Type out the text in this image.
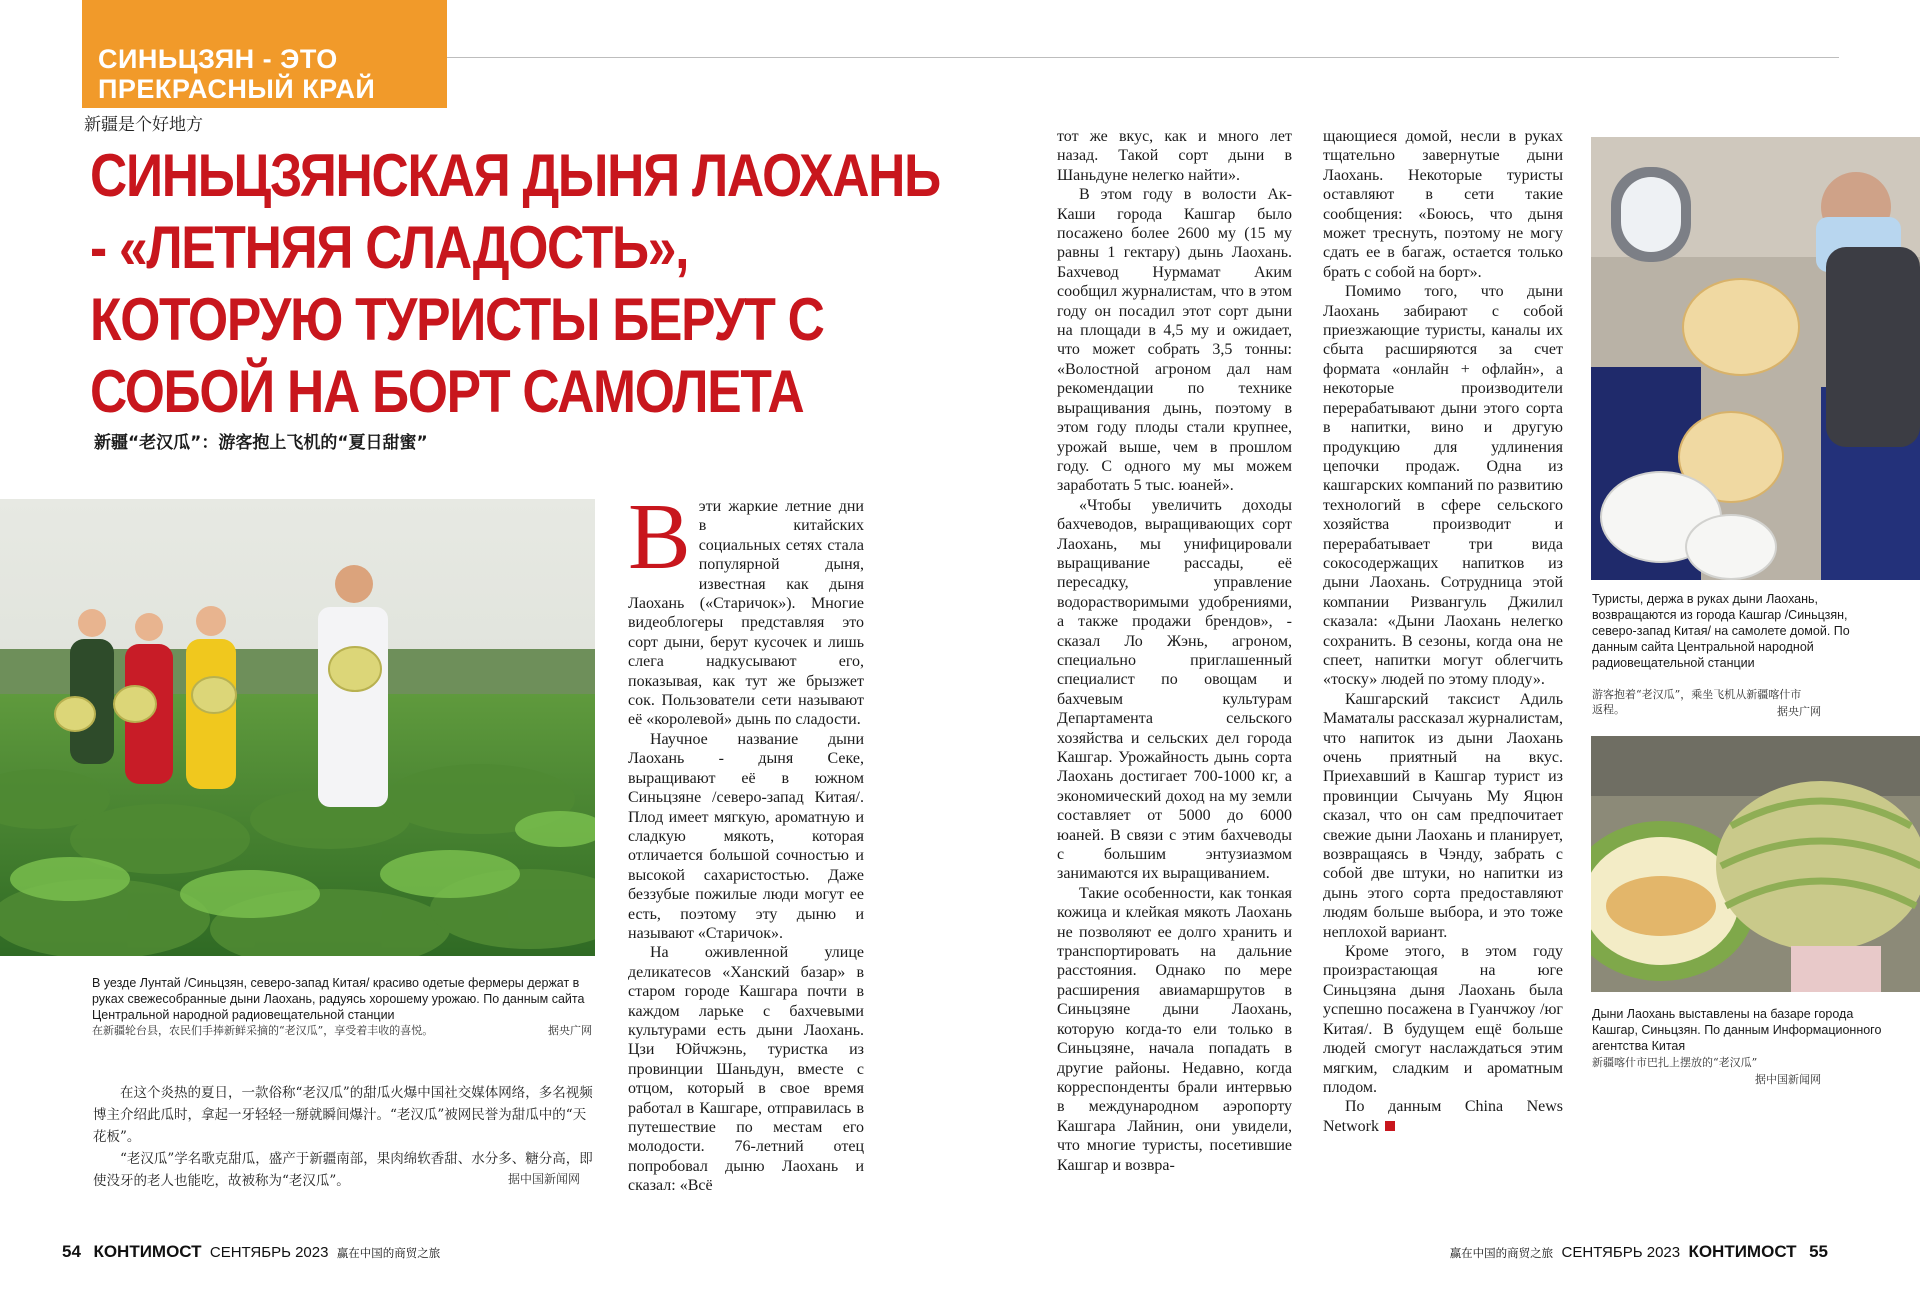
СИНЬЦЗЯН - ЭТО ПРЕКРАСНЫЙ КРАЙ
新疆是个好地方
СИНЬЦЗЯНСКАЯ ДЫНЯ ЛАОХАНЬ - «ЛЕТНЯЯ СЛАДОСТЬ», КОТОРУЮ ТУРИСТЫ БЕРУТ С СОБОЙ НА БОРТ САМОЛЕТА
新疆“老汉瓜”：游客抱上飞机的“夏日甜蜜”
В уезде Лунтай /Синьцзян, северо-запад Китая/ красиво одетые фермеры держат в руках свежесобранные дыни Лаохань, радуясь хорошему урожаю. По данным сайта Центральной народной радиовещательной станции
在新疆轮台县，农民们手捧新鲜采摘的“老汉瓜”，享受着丰收的喜悦。	据央广网

在这个炎热的夏日，一款俗称“老汉瓜”的甜瓜火爆中国社交媒体网络，多名视频博主介绍此瓜时，拿起一牙轻轻一掰就瞬间爆汁。“老汉瓜”被网民誉为甜瓜中的“天花板”。

“老汉瓜”学名歌克甜瓜，盛产于新疆南部，果肉绵软香甜、水分多、糖分高，即使没牙的老人也能吃，故被称为“老汉瓜”。	据中国新闻网

Вэти жаркие летние дни в китайских социальных сетях стала популярной дыня, известная как дыня Лаохань («Старичок»). Многие видеоблогеры представляя это сорт дыни, берут кусочек и лишь слега надкусывают его, показывая, как тут же брызжет сок. Пользователи сети называют её «королевой» дынь по сладости.

Научное название дыни Лаохань - дыня Секе, выращивают её в южном Синьцзяне /северо-запад Китая/. Плод имеет мягкую, ароматную и сладкую мякоть, которая отличается большой сочностью и высокой сахаристостью. Даже беззубые пожилые люди могут ее есть, поэтому эту дыню и называют «Старичок».

На оживленной улице деликатесов «Ханский базар» в старом городе Кашгара почти в каждом ларьке с бахчевыми культурами есть дыни Лаохань. Цзи Юйчжэнь, туристка из провинции Шаньдун, вместе с отцом, который в свое время работал в Кашгаре, отправилась в путешествие по местам его молодости. 76-летний отец попробовал дыню Лаохань и сказал: «Всё

тот же вкус, как и много лет назад. Такой сорт дыни в Шаньдуне нелегко найти».

В этом году в волости Ак-Каши города Кашгар было посажено более 2600 му (15 му равны 1 гектару) дынь Лаохань. Бахчевод Нурмамат Аким сообщил журналистам, что в этом году он посадил этот сорт дыни на площади в 4,5 му и ожидает, что может собрать 3,5 тонны: «Волостной агроном дал нам рекомендации по технике выращивания дынь, поэтому в этом году плоды стали крупнее, урожай выше, чем в прошлом году. С одного му мы можем заработать 5 тыс. юаней».

«Чтобы увеличить доходы бахчеводов, выращивающих сорт Лаохань, мы унифицировали выращивание рассады, её пересадку, управление водорастворимыми удобрениями, а также продажи брендов», - сказал Ло Жэнь, агроном, специально приглашенный специалист по овощам и бахчевым культурам Департамента сельского хозяйства и сельских дел города Кашгар. Урожайность дынь сорта Лаохань достигает 700-1000 кг, а экономический доход на му земли составляет от 5000 до 6000 юаней. В связи с этим бахчеводы с большим энтузиазмом занимаются их выращиванием.

Такие особенности, как тонкая кожица и клейкая мякоть Лаохань не позволяют ее долго хранить и транспортировать на дальние расстояния. Однако по мере расширения авиамаршрутов в Синьцзяне дыни Лаохань, которую когда-то ели только в Синьцзяне, начала попадать в другие районы. Недавно, когда корреспонденты брали интервью в международном аэропорту Кашгара Лайнин, они увидели, что многие туристы, посетившие Кашгар и возвра-

щающиеся домой, несли в руках тщательно завернутые дыни Лаохань. Некоторые туристы оставляют в сети такие сообщения: «Боюсь, что дыня может треснуть, поэтому не могу сдать ее в багаж, остается только брать с собой на борт».

Помимо того, что дыни Лаохань забирают с собой приезжающие туристы, каналы их сбыта расширяются за счет формата «онлайн + офлайн», а некоторые производители перерабатывают дыни этого сорта в напитки, вино и другую продукцию для удлинения цепочки продаж. Одна из кашгарских компаний по развитию технологий в сфере сельского хозяйства производит и перерабатывает три вида сокосодержащих напитков из дыни Лаохань. Сотрудница этой компании Ризвангуль Джилил сказала: «Дыни Лаохань нелегко сохранить. В сезоны, когда она не спеет, напитки могут облегчить «тоску» людей по этому плоду».

Кашгарский таксист Адиль Маматалы рассказал журналистам, что напиток из дыни Лаохань очень приятный на вкус. Приехавший в Кашгар турист из провинции Сычуань Му Яцюн сказал, что он сам предпочитает свежие дыни Лаохань и планирует, возвращаясь в Чэнду, забрать с собой две штуки, но напитки из дынь этого сорта предоставляют людям больше выбора, и это тоже неплохой вариант.

Кроме этого, в этом году произрастающая на юге Синьцзяна дыня Лаохань была успешно посажена в Гуанчжоу /юг Китая/. В будущем ещё больше людей смогут наслаждаться этим мягким, сладким и ароматным плодом.

По данным China News Network

Туристы, держа в руках дыни Лаохань, возвращаются из города Кашгар /Синьцзян, северо-запад Китая/ на самолете домой. По данным сайта Центральной народной радиовещательной станции
游客抱着“老汉瓜”，乘坐飞机从新疆喀什市返程。	据央广网
Дыни Лаохань выставлены на базаре города Кашгар, Синьцзян. По данным Информационного агентства Китая
新疆喀什市巴扎上摆放的“老汉瓜”
据中国新闻网
54 КОНТИМОСТ СЕНТЯБРЬ 2023 赢在中国的商贸之旅	赢在中国的商贸之旅 СЕНТЯБРЬ 2023 КОНТИМОСТ 55
